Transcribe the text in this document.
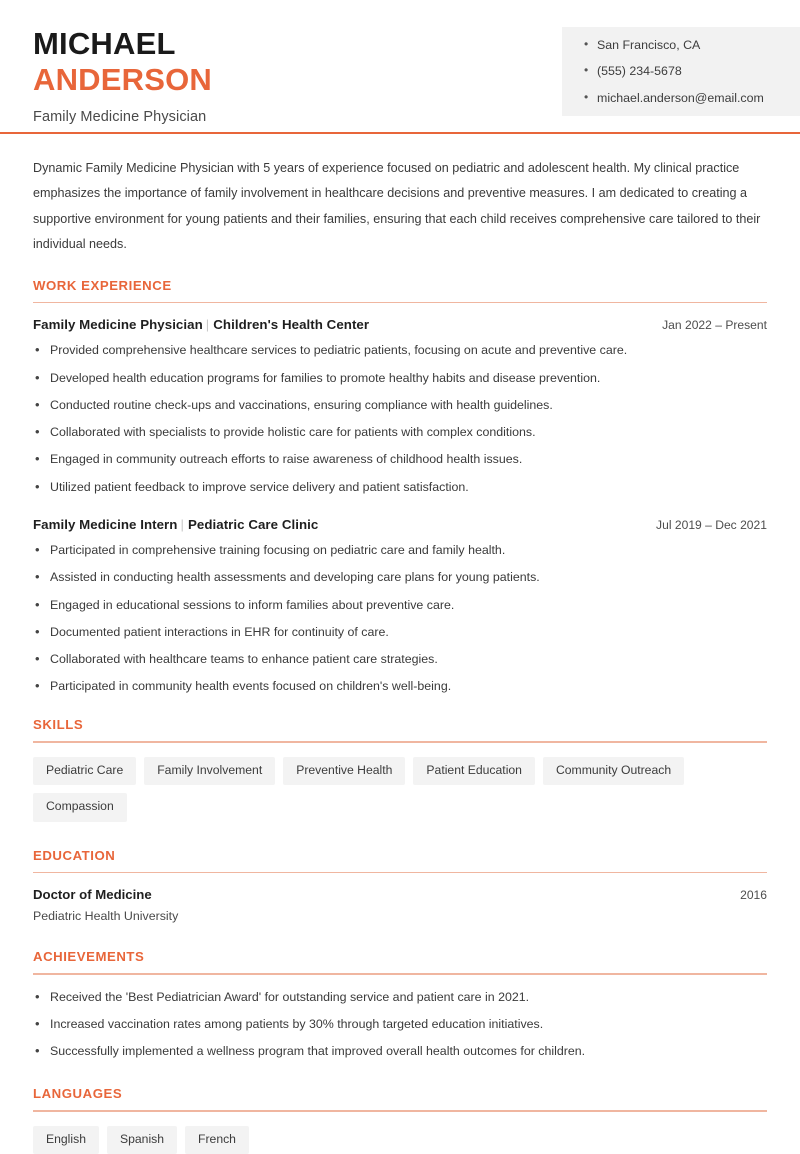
MICHAEL
ANDERSON
Family Medicine Physician
• San Francisco, CA
• (555) 234-5678
• michael.anderson@email.com

Dynamic Family Medicine Physician with 5 years of experience focused on pediatric and adolescent health. My clinical practice emphasizes the importance of family involvement in healthcare decisions and preventive measures. I am dedicated to creating a supportive environment for young patients and their families, ensuring that each child receives comprehensive care tailored to their individual needs.

WORK EXPERIENCE
Family Medicine Physician | Children's Health Center	Jan 2022 – Present
• Provided comprehensive healthcare services to pediatric patients, focusing on acute and preventive care.
• Developed health education programs for families to promote healthy habits and disease prevention.
• Conducted routine check-ups and vaccinations, ensuring compliance with health guidelines.
• Collaborated with specialists to provide holistic care for patients with complex conditions.
• Engaged in community outreach efforts to raise awareness of childhood health issues.
• Utilized patient feedback to improve service delivery and patient satisfaction.
Family Medicine Intern | Pediatric Care Clinic	Jul 2019 – Dec 2021
• Participated in comprehensive training focusing on pediatric care and family health.
• Assisted in conducting health assessments and developing care plans for young patients.
• Engaged in educational sessions to inform families about preventive care.
• Documented patient interactions in EHR for continuity of care.
• Collaborated with healthcare teams to enhance patient care strategies.
• Participated in community health events focused on children's well-being.
SKILLS
Pediatric Care	Family Involvement	Preventive Health	Patient Education	Community Outreach
Compassion
EDUCATION
Doctor of Medicine	2016
Pediatric Health University
ACHIEVEMENTS
• Received the 'Best Pediatrician Award' for outstanding service and patient care in 2021.
• Increased vaccination rates among patients by 30% through targeted education initiatives.
• Successfully implemented a wellness program that improved overall health outcomes for children.
LANGUAGES
English	Spanish	French
